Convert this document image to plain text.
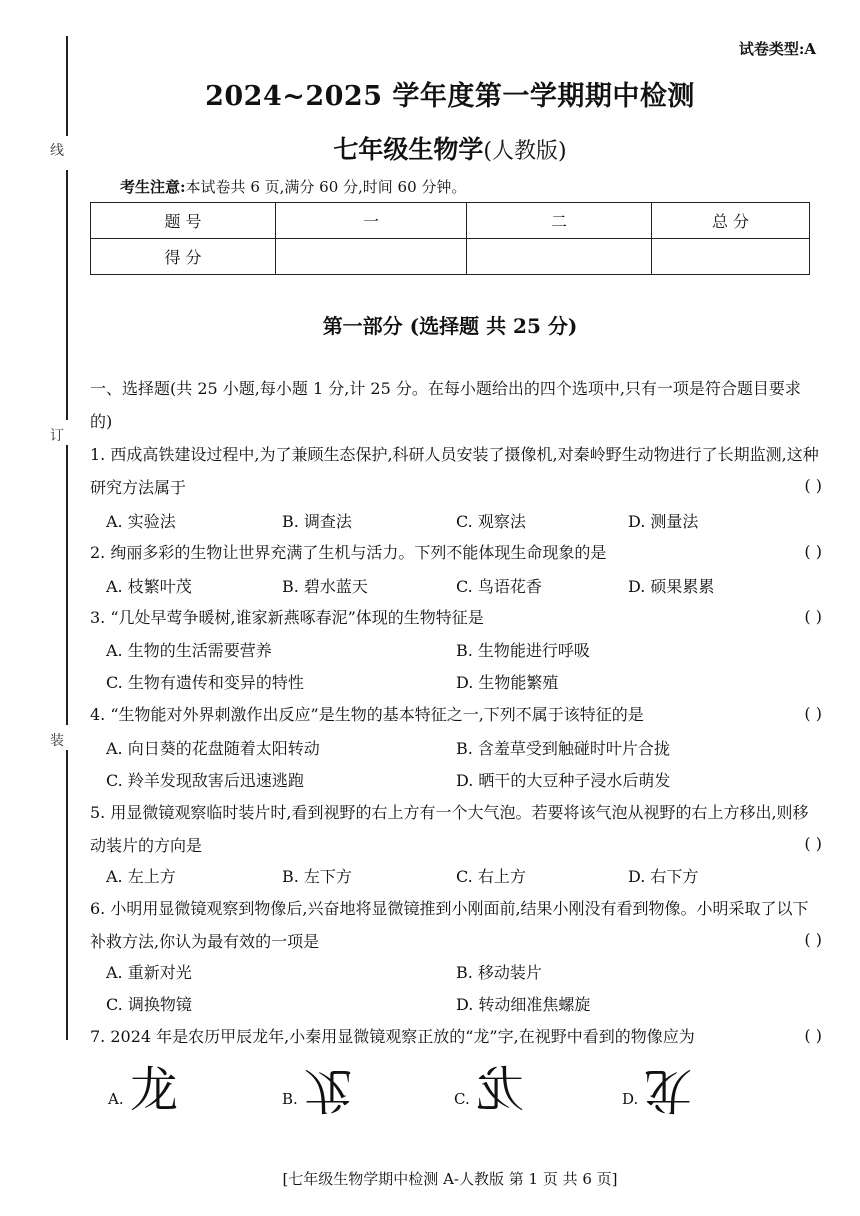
线
订
装
试卷类型:A
2024~2025 学年度第一学期期中检测
七年级生物学(人教版)
考生注意:本试卷共 6 页,满分 60 分,时间 60 分钟。
题 号	一	二	总 分
得 分			
第一部分 (选择题 共 25 分)
一、选择题(共 25 小题,每小题 1 分,计 25 分。在每小题给出的四个选项中,只有一项是符合题目要求的)
1. 西成高铁建设过程中,为了兼顾生态保护,科研人员安装了摄像机,对秦岭野生动物进行了长期监测,这种研究方法属于	( )
A. 实验法	B. 调查法	C. 观察法	D. 测量法
2. 绚丽多彩的生物让世界充满了生机与活力。下列不能体现生命现象的是	( )
A. 枝繁叶茂	B. 碧水蓝天	C. 鸟语花香	D. 硕果累累
3. “几处早莺争暖树,谁家新燕啄春泥”体现的生物特征是	( )
A. 生物的生活需要营养	B. 生物能进行呼吸
C. 生物有遗传和变异的特性	D. 生物能繁殖
4. “生物能对外界刺激作出反应”是生物的基本特征之一,下列不属于该特征的是	( )
A. 向日葵的花盘随着太阳转动	B. 含羞草受到触碰时叶片合拢
C. 羚羊发现敌害后迅速逃跑	D. 晒干的大豆种子浸水后萌发
5. 用显微镜观察临时装片时,看到视野的右上方有一个大气泡。若要将该气泡从视野的右上方移出,则移动装片的方向是	( )
A. 左上方	B. 左下方	C. 右上方	D. 右下方
6. 小明用显微镜观察到物像后,兴奋地将显微镜推到小刚面前,结果小刚没有看到物像。小明采取了以下补救方法,你认为最有效的一项是	( )
A. 重新对光	B. 移动装片
C. 调换物镜	D. 转动细准焦螺旋
7. 2024 年是农历甲辰龙年,小秦用显微镜观察正放的“龙”字,在视野中看到的物像应为	( )
A. 龙	B. 龙	C. 龙	D. 龙
[七年级生物学期中检测 A-人教版 第 1 页 共 6 页]
